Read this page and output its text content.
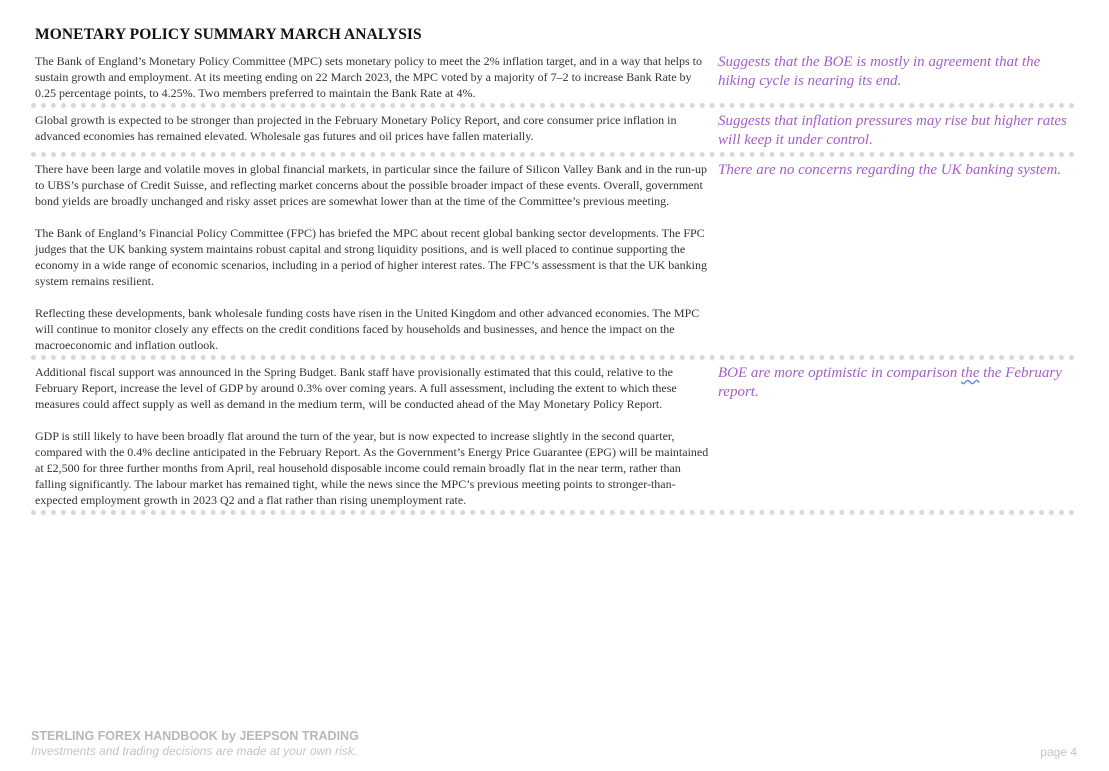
MONETARY POLICY SUMMARY MARCH ANALYSIS

The Bank of England’s Monetary Policy Committee (MPC) sets monetary policy to meet the 2% inflation target, and in a way that helps to sustain growth and employment. At its meeting ending on 22 March 2023, the MPC voted by a majority of 7–2 to increase Bank Rate by 0.25 percentage points, to 4.25%. Two members preferred to maintain the Bank Rate at 4%.

Suggests that the BOE is mostly in agreement that the hiking cycle is nearing its end.

Global growth is expected to be stronger than projected in the February Monetary Policy Report, and core consumer price inflation in advanced economies has remained elevated. Wholesale gas futures and oil prices have fallen materially.

Suggests that inflation pressures may rise but higher rates will keep it under control.

There have been large and volatile moves in global financial markets, in particular since the failure of Silicon Valley Bank and in the run-up to UBS’s purchase of Credit Suisse, and reflecting market concerns about the possible broader impact of these events. Overall, government bond yields are broadly unchanged and risky asset prices are somewhat lower than at the time of the Committee’s previous meeting.

The Bank of England’s Financial Policy Committee (FPC) has briefed the MPC about recent global banking sector developments. The FPC judges that the UK banking system maintains robust capital and strong liquidity positions, and is well placed to continue supporting the economy in a wide range of economic scenarios, including in a period of higher interest rates. The FPC’s assessment is that the UK banking system remains resilient.

Reflecting these developments, bank wholesale funding costs have risen in the United Kingdom and other advanced economies. The MPC will continue to monitor closely any effects on the credit conditions faced by households and businesses, and hence the impact on the macroeconomic and inflation outlook.

There are no concerns regarding the UK banking system.

Additional fiscal support was announced in the Spring Budget. Bank staff have provisionally estimated that this could, relative to the February Report, increase the level of GDP by around 0.3% over coming years. A full assessment, including the extent to which these measures could affect supply as well as demand in the medium term, will be conducted ahead of the May Monetary Policy Report.

GDP is still likely to have been broadly flat around the turn of the year, but is now expected to increase slightly in the second quarter, compared with the 0.4% decline anticipated in the February Report. As the Government’s Energy Price Guarantee (EPG) will be maintained at £2,500 for three further months from April, real household disposable income could remain broadly flat in the near term, rather than falling significantly. The labour market has remained tight, while the news since the MPC’s previous meeting points to stronger-than-expected employment growth in 2023 Q2 and a flat rather than rising unemployment rate.

BOE are more optimistic in comparison the the February report.
STERLING FOREX HANDBOOK by JEEPSON TRADING
Investments and trading decisions are made at your own risk.	page 4
